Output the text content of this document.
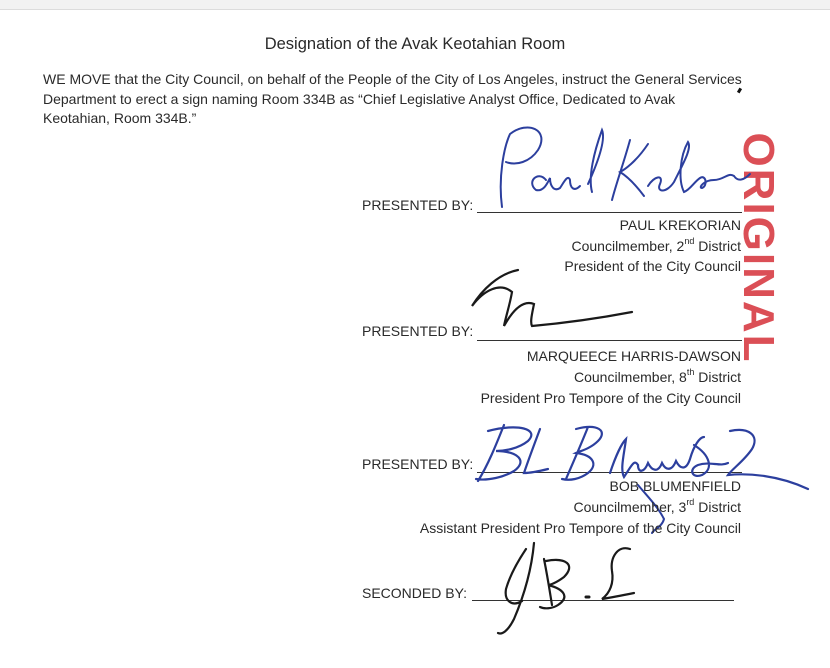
Designation of the Avak Keotahian Room
WE MOVE that the City Council, on behalf of the People of the City of Los Angeles, instruct the General Services Department to erect a sign naming Room 334B as “Chief Legislative Analyst Office, Dedicated to Avak Keotahian, Room 334B.”
ORIGINAL
PRESENTED BY:
PAUL KREKORIAN
Councilmember, 2nd District
President of the City Council
PRESENTED BY:
MARQUEECE HARRIS-DAWSON
Councilmember, 8th District
President Pro Tempore of the City Council
PRESENTED BY:
BOB BLUMENFIELD
Councilmember, 3rd District
Assistant President Pro Tempore of the City Council
SECONDED BY:
